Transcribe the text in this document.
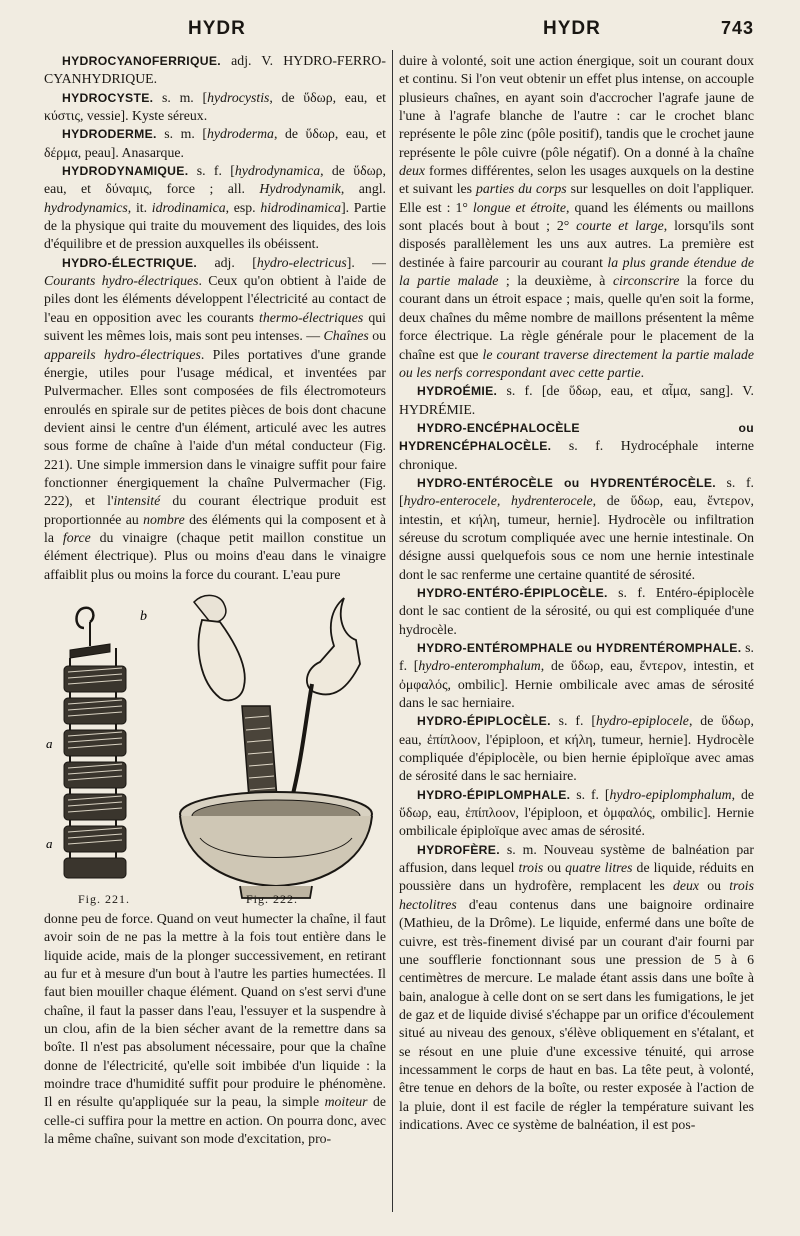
HYDR	HYDR	743

HYDROCYANOFERRIQUE. adj. V. HYDRO-FERRO-CYANHYDRIQUE.

HYDROCYSTE. s. m. [hydrocystis, de ὕδωρ, eau, et κύστις, vessie]. Kyste séreux.

HYDRODERME. s. m. [hydroderma, de ὕδωρ, eau, et δέρμα, peau]. Anasarque.

HYDRODYNAMIQUE. s. f. [hydrodynamica, de ὕδωρ, eau, et δύναμις, force ; all. Hydrodynamik, angl. hydrodynamics, it. idrodinamica, esp. hidrodinamica]. Partie de la physique qui traite du mouvement des liquides, des lois d'équilibre et de pression auxquelles ils obéissent.

HYDRO-ÉLECTRIQUE. adj. [hydro-electricus]. — Courants hydro-électriques. Ceux qu'on obtient à l'aide de piles dont les éléments développent l'électricité au contact de l'eau en opposition avec les courants thermo-électriques qui suivent les mêmes lois, mais sont peu intenses. — Chaînes ou appareils hydro-électriques. Piles portatives d'une grande énergie, utiles pour l'usage médical, et inventées par Pulvermacher. Elles sont composées de fils électromoteurs enroulés en spirale sur de petites pièces de bois dont chacune devient ainsi le centre d'un élément, articulé avec les autres sous forme de chaîne à l'aide d'un métal conducteur (Fig. 221). Une simple immersion dans le vinaigre suffit pour faire fonctionner énergiquement la chaîne Pulvermacher (Fig. 222), et l'intensité du courant électrique produit est proportionnée au nombre des éléments qui la composent et à la force du vinaigre (chaque petit maillon constitue un élément électrique). Plus ou moins d'eau dans le vinaigre affaiblit plus ou moins la force du courant. L'eau pure

b
a
a
Fig. 221.	Fig. 222.

donne peu de force. Quand on veut humecter la chaîne, il faut avoir soin de ne pas la mettre à la fois tout entière dans le liquide acide, mais de la plonger successivement, en retirant au fur et à mesure d'un bout à l'autre les parties humectées. Il faut bien mouiller chaque élément. Quand on s'est servi d'une chaîne, il faut la passer dans l'eau, l'essuyer et la suspendre à un clou, afin de la bien sécher avant de la remettre dans sa boîte. Il n'est pas absolument nécessaire, pour que la chaîne donne de l'électricité, qu'elle soit imbibée d'un liquide : la moindre trace d'humidité suffit pour produire le phénomène. Il en résulte qu'appliquée sur la peau, la simple moiteur de celle-ci suffira pour la mettre en action. On pourra donc, avec la même chaîne, suivant son mode d'excitation, pro-

duire à volonté, soit une action énergique, soit un courant doux et continu. Si l'on veut obtenir un effet plus intense, on accouple plusieurs chaînes, en ayant soin d'accrocher l'agrafe jaune de l'une à l'agrafe blanche de l'autre : car le crochet blanc représente le pôle zinc (pôle positif), tandis que le crochet jaune représente le pôle cuivre (pôle négatif). On a donné à la chaîne deux formes différentes, selon les usages auxquels on la destine et suivant les parties du corps sur lesquelles on doit l'appliquer. Elle est : 1° longue et étroite, quand les éléments ou maillons sont placés bout à bout ; 2° courte et large, lorsqu'ils sont disposés parallèlement les uns aux autres. La première est destinée à faire parcourir au courant la plus grande étendue de la partie malade ; la deuxième, à circonscrire la force du courant dans un étroit espace ; mais, quelle qu'en soit la forme, deux chaînes du même nombre de maillons présentent la même force électrique. La règle générale pour le placement de la chaîne est que le courant traverse directement la partie malade ou les nerfs correspondant avec cette partie.

HYDROÉMIE. s. f. [de ὕδωρ, eau, et αἷμα, sang]. V. HYDRÉMIE.

HYDRO-ENCÉPHALOCÈLE ou HYDRENCÉPHALOCÈLE. s. f. Hydrocéphale interne chronique.

HYDRO-ENTÉROCÈLE ou HYDRENTÉROCÈLE. s. f. [hydro-enterocele, hydrenterocele, de ὕδωρ, eau, ἔντερον, intestin, et κήλη, tumeur, hernie]. Hydrocèle ou infiltration séreuse du scrotum compliquée avec une hernie intestinale. On désigne aussi quelquefois sous ce nom une hernie intestinale dont le sac renferme une certaine quantité de sérosité.

HYDRO-ENTÉRO-ÉPIPLOCÈLE. s. f. Entéro-épiplocèle dont le sac contient de la sérosité, ou qui est compliquée d'une hydrocèle.

HYDRO-ENTÉROMPHALE ou HYDRENTÉROMPHALE. s. f. [hydro-enteromphalum, de ὕδωρ, eau, ἔντερον, intestin, et ὀμφαλός, ombilic]. Hernie ombilicale avec amas de sérosité dans le sac herniaire.

HYDRO-ÉPIPLOCÈLE. s. f. [hydro-epiplocele, de ὕδωρ, eau, ἐπίπλοον, l'épiploon, et κήλη, tumeur, hernie]. Hydrocèle compliquée d'épiplocèle, ou bien hernie épiploïque avec amas de sérosité dans le sac herniaire.

HYDRO-ÉPIPLOMPHALE. s. f. [hydro-epiplomphalum, de ὕδωρ, eau, ἐπίπλοον, l'épiploon, et ὀμφαλός, ombilic]. Hernie ombilicale épiploïque avec amas de sérosité.

HYDROFÈRE. s. m. Nouveau système de balnéation par affusion, dans lequel trois ou quatre litres de liquide, réduits en poussière dans un hydrofère, remplacent les deux ou trois hectolitres d'eau contenus dans une baignoire ordinaire (Mathieu, de la Drôme). Le liquide, enfermé dans une boîte de cuivre, est très-finement divisé par un courant d'air fourni par une soufflerie fonctionnant sous une pression de 5 à 6 centimètres de mercure. Le malade étant assis dans une boîte à bain, analogue à celle dont on se sert dans les fumigations, le jet de gaz et de liquide divisé s'échappe par un orifice d'écoulement situé au niveau des genoux, s'élève obliquement en s'étalant, et se résout en une pluie d'une excessive ténuité, qui arrose incessamment le corps de haut en bas. La tête peut, à volonté, être tenue en dehors de la boîte, ou rester exposée à l'action de la pluie, dont il est facile de régler la température suivant les indications. Avec ce système de balnéation, il est pos-
